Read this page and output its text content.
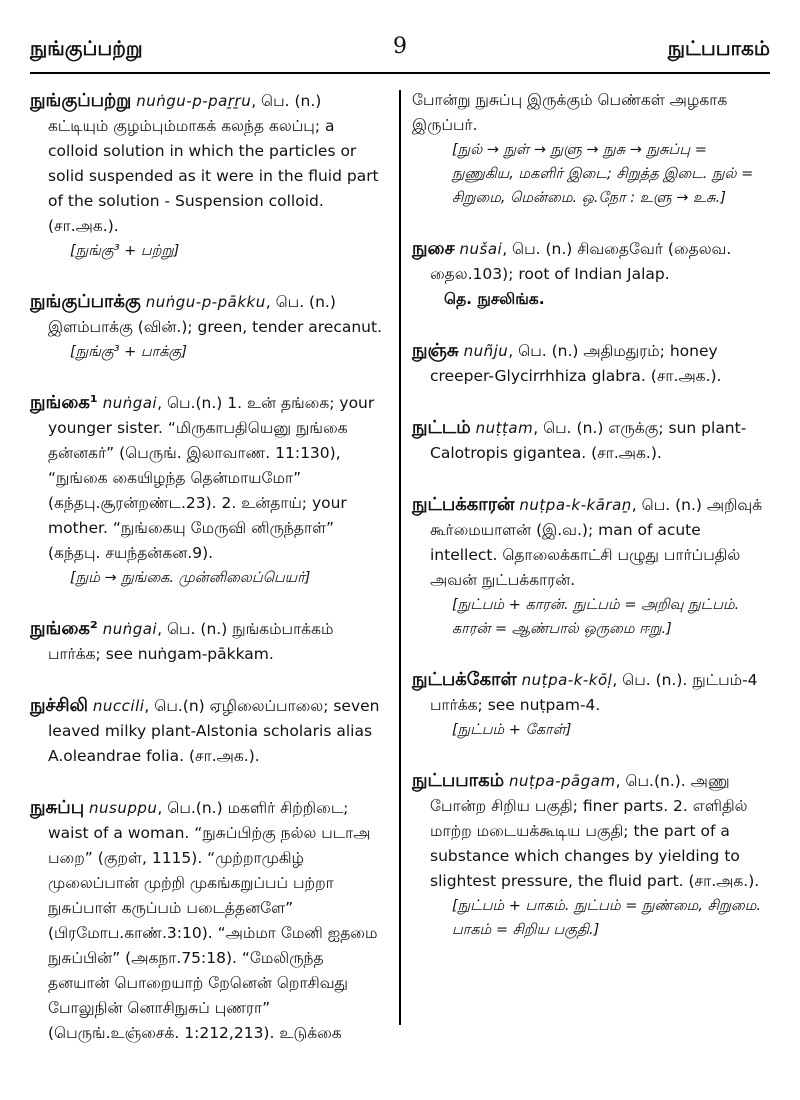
நுங்குப்பற்று	9	நுட்பபாகம்

நுங்குப்பற்று nuṅgu-p-paṟṟu, பெ. (n.) கட்டியும் குழம்பும்மாகக் கலந்த கலப்பு; a colloid solution in which the particles or solid suspended as it were in the fluid part of the solution - Suspension colloid. (சா.அக.).

[நுங்கு³ + பற்று]

நுங்குப்பாக்கு nuṅgu-p-pākku, பெ. (n.) இளம்பாக்கு (வின்.); green, tender arecanut.

[நுங்கு³ + பாக்கு]

நுங்கை¹ nuṅgai, பெ.(n.) 1. உன் தங்கை; your younger sister. “மிருகாபதியெனு நுங்கை தன்னகர்” (பெருங். இலாவாண. 11:130), “நுங்கை கையிழந்த தென்மாயமோ” (கந்தபு.சூரன்றண்ட.23). 2. உன்தாய்; your mother. “நுங்கையு மேருவி னிருந்தாள்” (கந்தபு. சயந்தன்கன.9).

[நும் → நுங்கை. முன்னிலைப்பெயர்]

நுங்கை² nuṅgai, பெ. (n.) நுங்கம்பாக்கம் பார்க்க; see nuṅgam-pākkam.

நுச்சிலி nuccili, பெ.(n) ஏழிலைப்பாலை; seven leaved milky plant-Alstonia scholaris alias A.oleandrae folia. (சா.அக.).

நுசுப்பு nusuppu, பெ.(n.) மகளிர் சிற்றிடை; waist of a woman. “நுசுப்பிற்கு நல்ல படாஅ பறை” (குறள், 1115). “முற்றாமுகிழ் முலைப்பான் முற்றி முகங்கறுப்பப் பற்றா நுசுப்பாள் கருப்பம் படைத்தனளே” (பிரமோப.காண்.3:10). “அம்மா மேனி ஐதமை நுசுப்பின்” (அகநா.75:18). “மேலிருந்த தனயான் பொறையாற் றேனென் றொசிவது போலுநின் னொசிநுசுப் புணரா” (பெருங்.உஞ்சைக். 1:212,213). உடுக்கை

போன்று நுசுப்பு இருக்கும் பெண்கள் அழகாக இருப்பர்.

[நுல் → நுள் → நுளு → நுசு → நுசுப்பு = நுணுகிய, மகளிர் இடை; சிறுத்த இடை. நுல் = சிறுமை, மென்மை. ஒ.நோ : உளு → உசு.]

நுசை nušai, பெ. (n.) சிவதைவேர் (தைலவ. தைல.103); root of Indian Jalap.

தெ. நுசலிங்க.

நுஞ்சு nuñju, பெ. (n.) அதிமதுரம்; honey creeper-Glycirrhhiza glabra. (சா.அக.).

நுட்டம் nuṭṭam, பெ. (n.) எருக்கு; sun plant-Calotropis gigantea. (சா.அக.).

நுட்பக்காரன் nuṭpa-k-kāraṉ, பெ. (n.) அறிவுக் கூர்மையாளன் (இ.வ.); man of acute intellect. தொலைக்காட்சி பழுது பார்ப்பதில் அவன் நுட்பக்காரன்.

[நுட்பம் + காரன். நுட்பம் = அறிவு நுட்பம். காரன் = ஆண்பால் ஒருமை ஈறு.]

நுட்பக்கோள் nuṭpa-k-kōḷ, பெ. (n.). நுட்பம்-4 பார்க்க; see nuṭpam-4.

[நுட்பம் + கோள்]

நுட்பபாகம் nuṭpa-pāgam, பெ.(n.). அணு போன்ற சிறிய பகுதி; finer parts. 2. எளிதில் மாற்ற மடையக்கூடிய பகுதி; the part of a substance which changes by yielding to slightest pressure, the fluid part. (சா.அக.).

[நுட்பம் + பாகம். நுட்பம் = நுண்மை, சிறுமை. பாகம் = சிறிய பகுதி.]
